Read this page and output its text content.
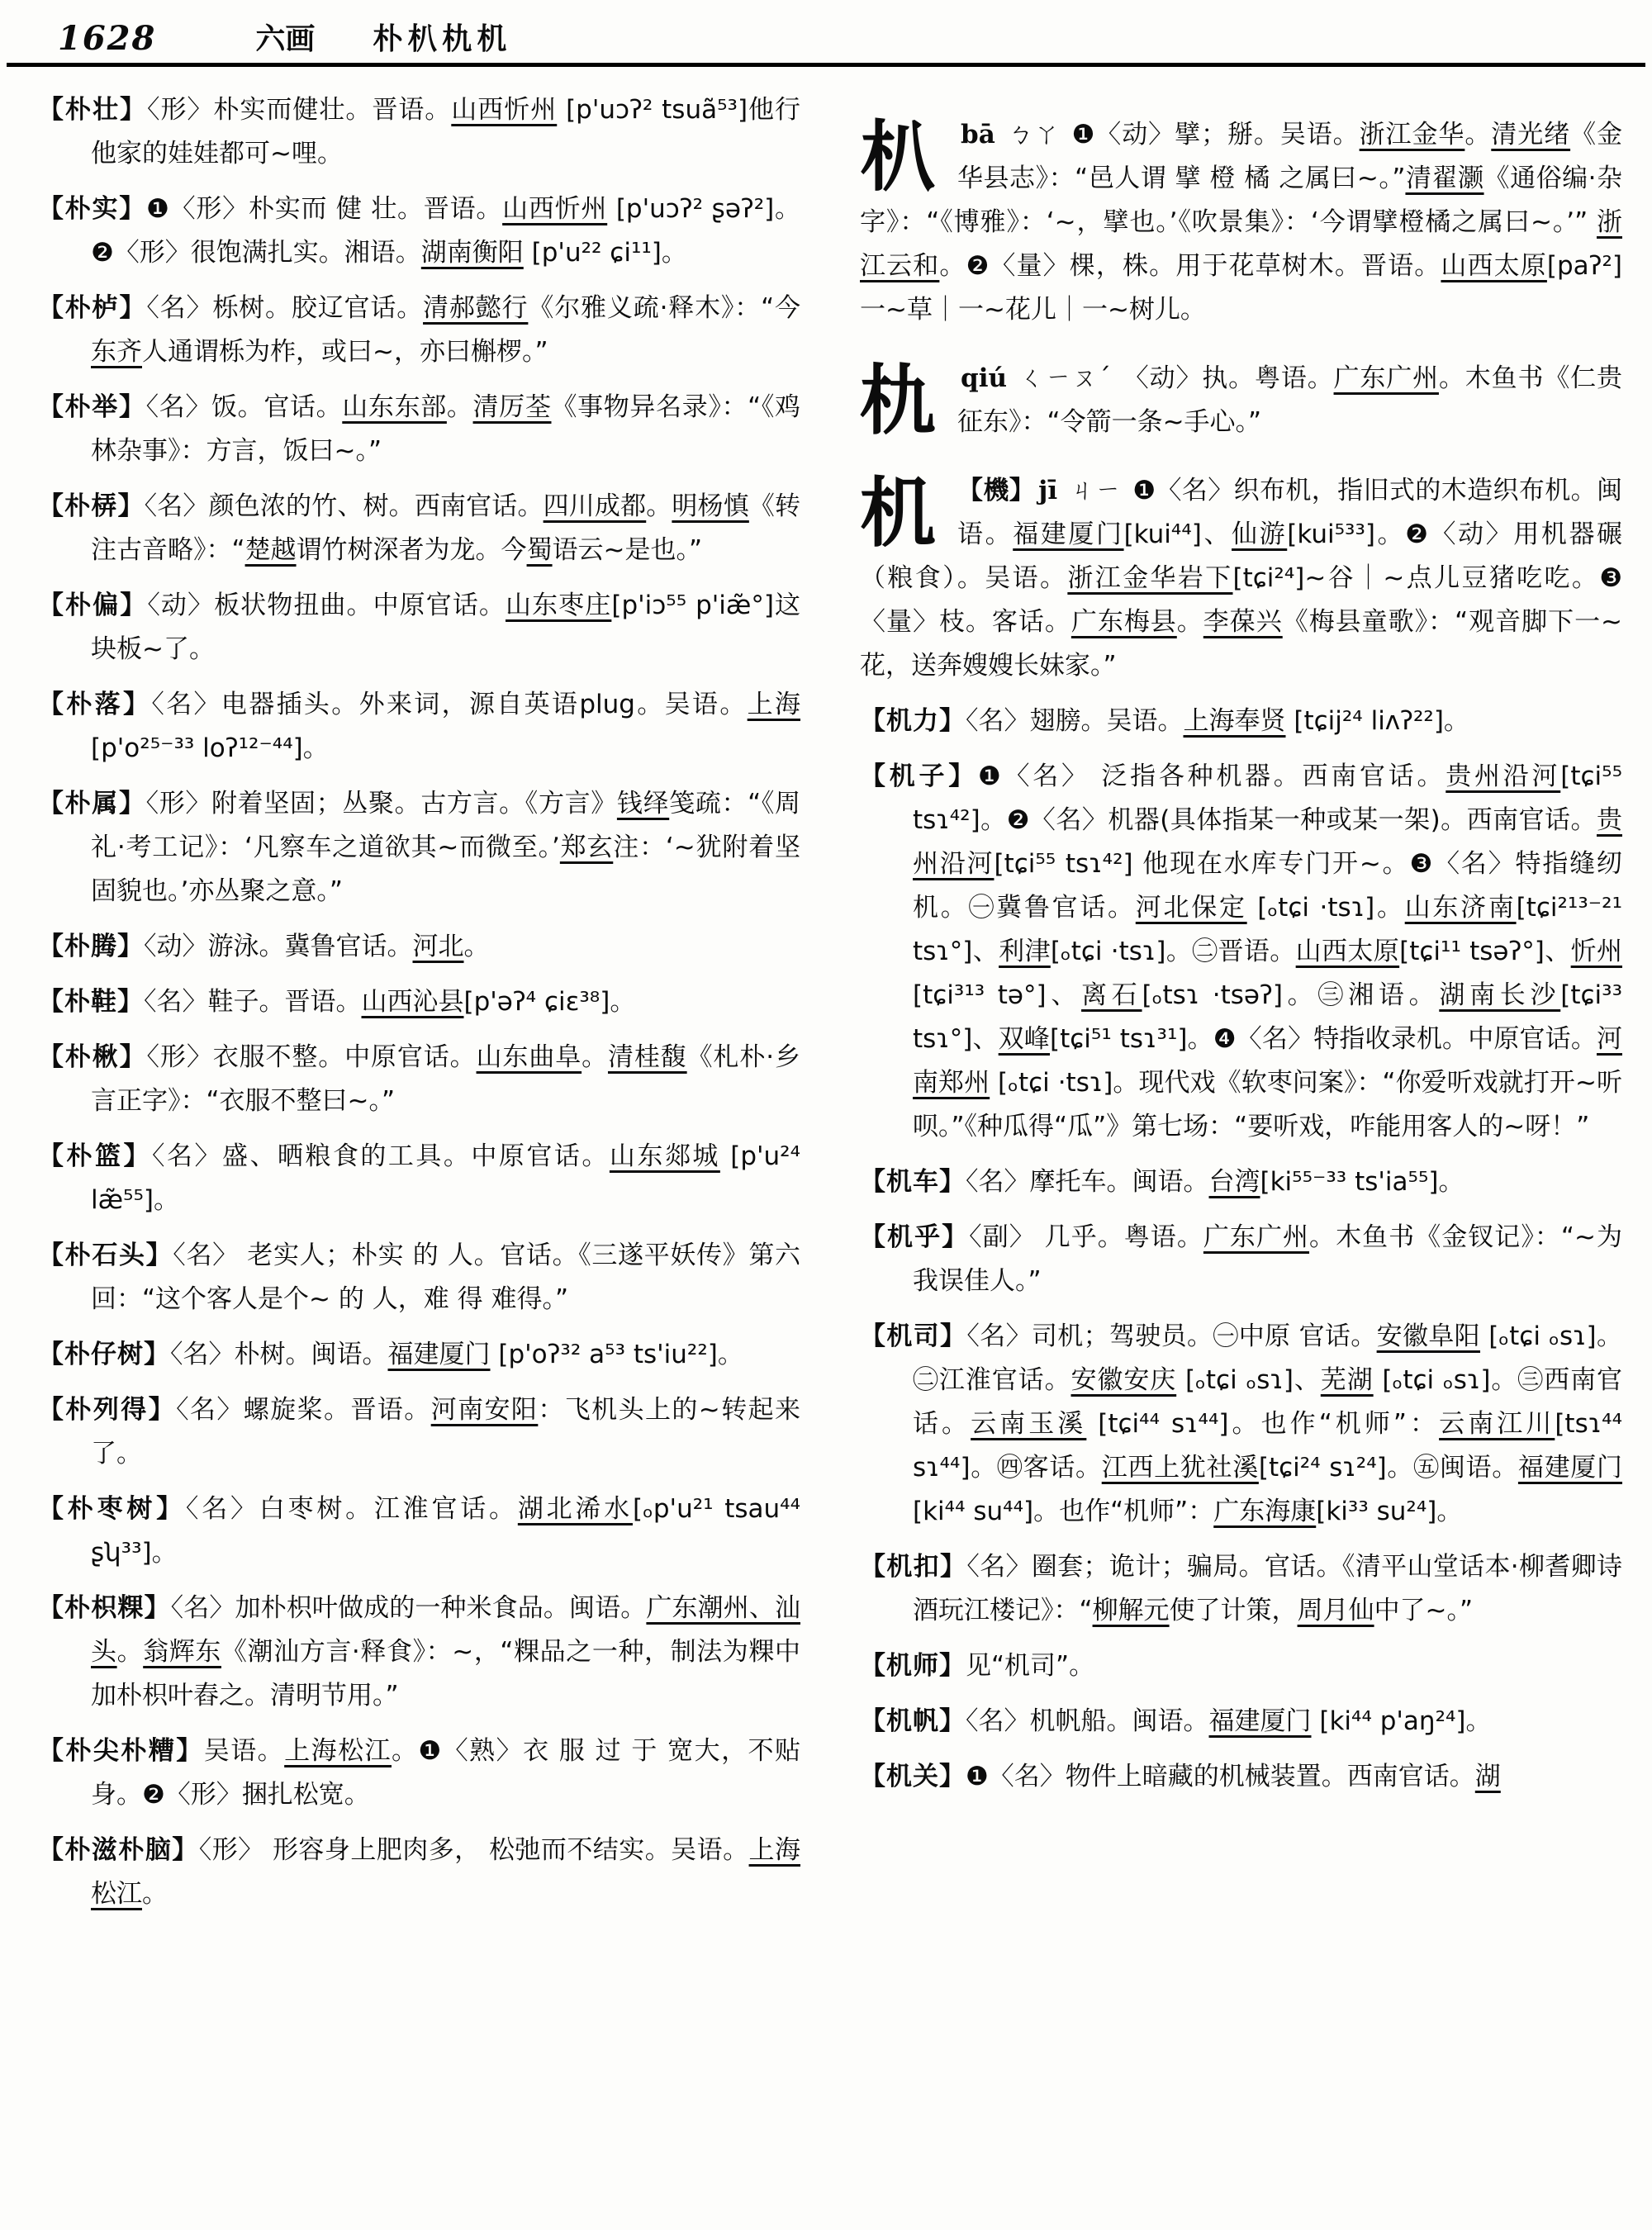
1628	六画 朴朳朹机

【朴壮】〈形〉朴实而健壮。晋语。山西忻州 [p'uɔʔ² tsuã⁵³]他行他家的娃娃都可~哩。

【朴实】❶〈形〉朴实而 健 壮。晋语。山西忻州 [p'uɔʔ² ʂəʔ²]。❷〈形〉很饱满扎实。湘语。湖南衡阳 [p'u²² ɕi¹¹]。

【朴栌】〈名〉栎树。胶辽官话。清郝懿行《尔雅义疏·释木》：“今东齐人通谓栎为柞，或曰~，亦曰槲椤。”

【朴举】〈名〉饭。官话。山东东部。清厉荃《事物异名录》：“《鸡林杂事》：方言，饭曰~。”

【朴梇】〈名〉颜色浓的竹、树。西南官话。四川成都。明杨慎《转注古音略》：“楚越谓竹树深者为龙。今蜀语云~是也。”

【朴偏】〈动〉板状物扭曲。中原官话。山东枣庄[p'iɔ⁵⁵ p'iæ̃°]这块板~了。

【朴落】〈名〉电器插头。外来词，源自英语plug。吴语。上海[p'o²⁵⁻³³ loʔ¹²⁻⁴⁴]。

【朴属】〈形〉附着坚固；丛聚。古方言。《方言》钱绎笺疏：“《周礼·考工记》：‘凡察车之道欲其~而微至。’郑玄注：‘~犹附着坚固貌也。’亦丛聚之意。”

【朴腾】〈动〉游泳。冀鲁官话。河北。

【朴鞋】〈名〉鞋子。晋语。山西沁县[p'əʔ⁴ ɕiɛ³⁸]。

【朴楸】〈形〉衣服不整。中原官话。山东曲阜。清桂馥《札朴·乡言正字》：“衣服不整曰~。”

【朴篮】〈名〉盛、晒粮食的工具。中原官话。山东郯城 [p'u²⁴ læ̃⁵⁵]。

【朴石头】〈名〉 老实人；朴实 的 人。官话。《三遂平妖传》第六回：“这个客人是个~ 的 人，难 得 难得。”

【朴仔树】〈名〉朴树。闽语。福建厦门 [p'oʔ³² a⁵³ ts'iu²²]。

【朴列得】〈名〉螺旋桨。晋语。河南安阳：飞机头上的~转起来了。

【朴枣树】〈名〉白枣树。江淮官话。湖北浠水[ₒp'u²¹ tsau⁴⁴ ʂʮ³³]。

【朴枳粿】〈名〉加朴枳叶做成的一种米食品。闽语。广东潮州、汕头。翁辉东《潮汕方言·释食》：~，“粿品之一种，制法为粿中加朴枳叶舂之。清明节用。”

【朴尖朴糟】吴语。上海松江。❶〈熟〉衣 服 过 于 宽大，不贴身。❷〈形〉捆扎松宽。

【朴滋朴脑】〈形〉 形容身上肥肉多， 松弛而不结实。吴语。上海松江。

朳bā ㄅㄚ ❶〈动〉擘；掰。吴语。浙江金华。清光绪《金华县志》：“邑人谓 擘 橙 橘 之属曰~。”清翟灏《通俗编·杂字》：“《博雅》：‘~，擘也。’《吹景集》：‘今谓擘橙橘之属曰~。’” 浙江云和。❷〈量〉棵，株。用于花草树木。晋语。山西太原[paʔ²] 一~草｜一~花儿｜一~树儿。

朹qiú ㄑㄧㄡˊ 〈动〉执。粤语。广东广州。木鱼书《仁贵征东》：“令箭一条~手心。”

机 【機】 jī ㄐㄧ ❶〈名〉织布机，指旧式的木造织布机。闽语。福建厦门[kui⁴⁴]、仙游[kui⁵³³]。❷〈动〉用机器碾（粮食）。吴语。浙江金华岩下[tɕi²⁴]~谷｜~点儿豆猪吃吃。❸〈量〉枝。客话。广东梅县。李葆兴《梅县童歌》：“观音脚下一~花，送奔嫂嫂长妹家。”

【机力】〈名〉翅膀。吴语。上海奉贤 [tɕij²⁴ liʌʔ²²]。

【机子】❶〈名〉 泛指各种机器。西南官话。贵州沿河[tɕi⁵⁵ tsɿ⁴²]。❷〈名〉机器(具体指某一种或某一架)。西南官话。贵州沿河[tɕi⁵⁵ tsɿ⁴²] 他现在水库专门开~。❸〈名〉特指缝纫机。㊀冀鲁官话。河北保定 [ₒtɕi ·tsɿ]。山东济南[tɕi²¹³⁻²¹ tsɿ°]、利津[ₒtɕi ·tsɿ]。㊁晋语。山西太原[tɕi¹¹ tsəʔ°]、忻州[tɕi³¹³ tə°]、离石[ₒtsɿ ·tsəʔ]。㊂湘语。湖南长沙[tɕi³³ tsɿ°]、双峰[tɕi⁵¹ tsɿ³¹]。❹〈名〉特指收录机。中原官话。河南郑州 [ₒtɕi ·tsɿ]。现代戏《软枣问案》：“你爱听戏就打开~听呗。”《种瓜得“瓜”》第七场：“要听戏，咋能用客人的~呀！”

【机车】〈名〉摩托车。闽语。台湾[ki⁵⁵⁻³³ ts'ia⁵⁵]。

【机乎】〈副〉 几乎。粤语。广东广州。木鱼书《金钗记》：“~为我误佳人。”

【机司】〈名〉司机；驾驶员。㊀中原 官话。安徽阜阳 [ₒtɕi ₒsɿ]。㊁江淮官话。安徽安庆 [ₒtɕi ₒsɿ]、芜湖 [ₒtɕi ₒsɿ]。㊂西南官话。云南玉溪 [tɕi⁴⁴ sɿ⁴⁴]。也作“机师”：云南江川[tsɿ⁴⁴ sɿ⁴⁴]。㊃客话。江西上犹社溪[tɕi²⁴ sɿ²⁴]。㊄闽语。福建厦门[ki⁴⁴ su⁴⁴]。也作“机师”：广东海康[ki³³ su²⁴]。

【机扣】〈名〉圈套；诡计；骗局。官话。《清平山堂话本·柳耆卿诗酒玩江楼记》：“柳解元使了计策，周月仙中了~。”

【机师】见“机司”。

【机帆】〈名〉机帆船。闽语。福建厦门 [ki⁴⁴ p'aŋ²⁴]。

【机关】❶〈名〉物件上暗藏的机械装置。西南官话。湖
